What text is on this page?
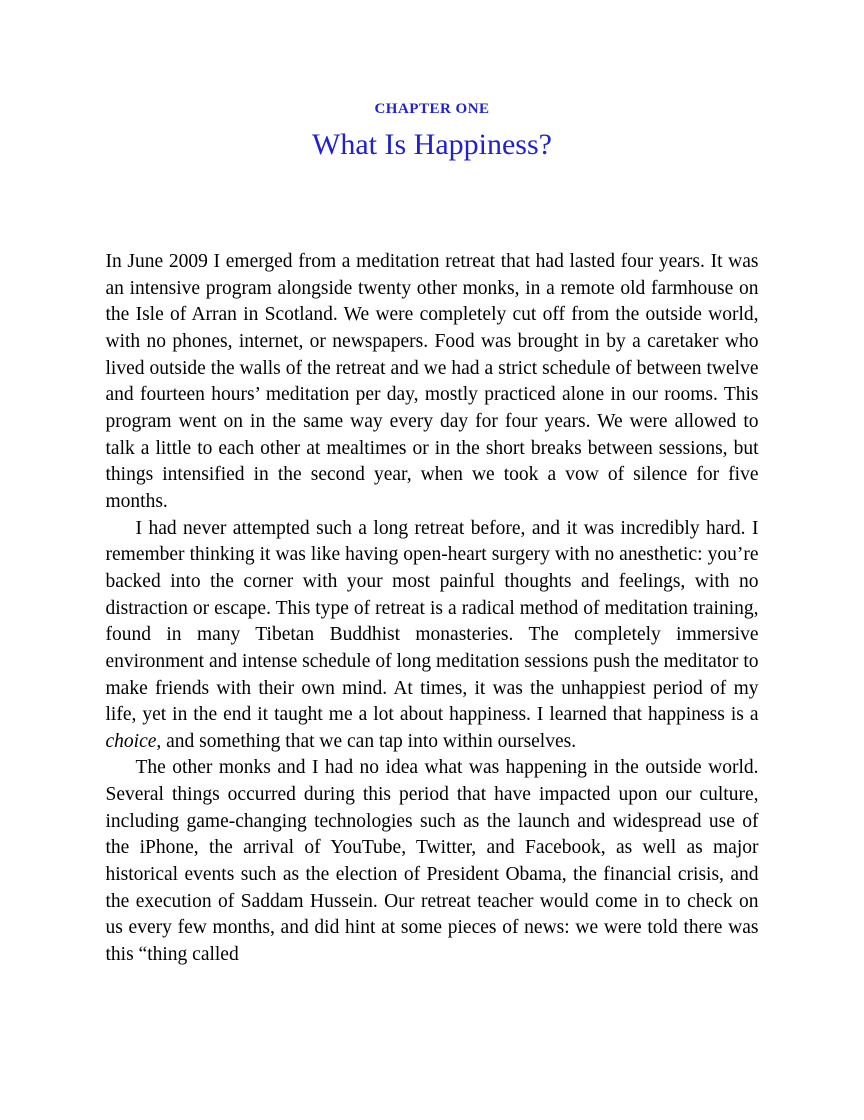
CHAPTER ONE
What Is Happiness?

In June 2009 I emerged from a meditation retreat that had lasted four years. It was an intensive program alongside twenty other monks, in a remote old farmhouse on the Isle of Arran in Scotland. We were completely cut off from the outside world, with no phones, internet, or newspapers. Food was brought in by a caretaker who lived outside the walls of the retreat and we had a strict schedule of between twelve and fourteen hours’ meditation per day, mostly practiced alone in our rooms. This program went on in the same way every day for four years. We were allowed to talk a little to each other at mealtimes or in the short breaks between sessions, but things intensified in the second year, when we took a vow of silence for five months.

I had never attempted such a long retreat before, and it was incredibly hard. I remember thinking it was like having open-heart surgery with no anesthetic: you’re backed into the corner with your most painful thoughts and feelings, with no distraction or escape. This type of retreat is a radical method of meditation training, found in many Tibetan Buddhist monasteries. The completely immersive environment and intense schedule of long meditation sessions push the meditator to make friends with their own mind. At times, it was the unhappiest period of my life, yet in the end it taught me a lot about happiness. I learned that happiness is a choice, and something that we can tap into within ourselves.

The other monks and I had no idea what was happening in the outside world. Several things occurred during this period that have impacted upon our culture, including game-changing technologies such as the launch and widespread use of the iPhone, the arrival of YouTube, Twitter, and Facebook, as well as major historical events such as the election of President Obama, the financial crisis, and the execution of Saddam Hussein. Our retreat teacher would come in to check on us every few months, and did hint at some pieces of news: we were told there was this “thing called
